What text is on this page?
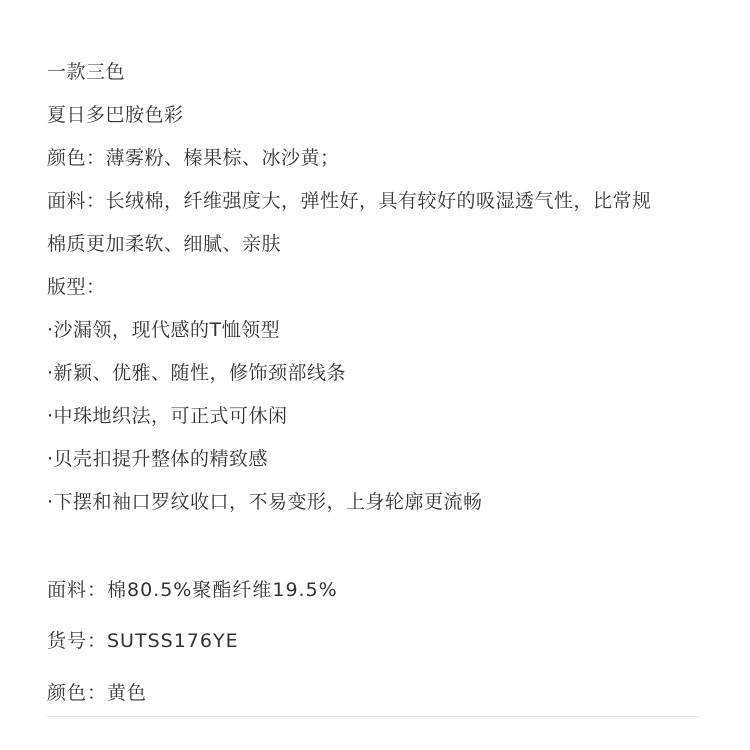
一款三色
夏日多巴胺色彩
颜色：薄雾粉、榛果棕、冰沙黄；
面料：长绒棉，纤维强度大，弹性好，具有较好的吸湿透气性，比常规
棉质更加柔软、细腻、亲肤
版型：
·沙漏领，现代感的T恤领型
·新颖、优雅、随性，修饰颈部线条
·中珠地织法，可正式可休闲
·贝壳扣提升整体的精致感
·下摆和袖口罗纹收口，不易变形，上身轮廓更流畅
面料：棉80.5%聚酯纤维19.5%
货号：SUTSS176YE
颜色：黄色
